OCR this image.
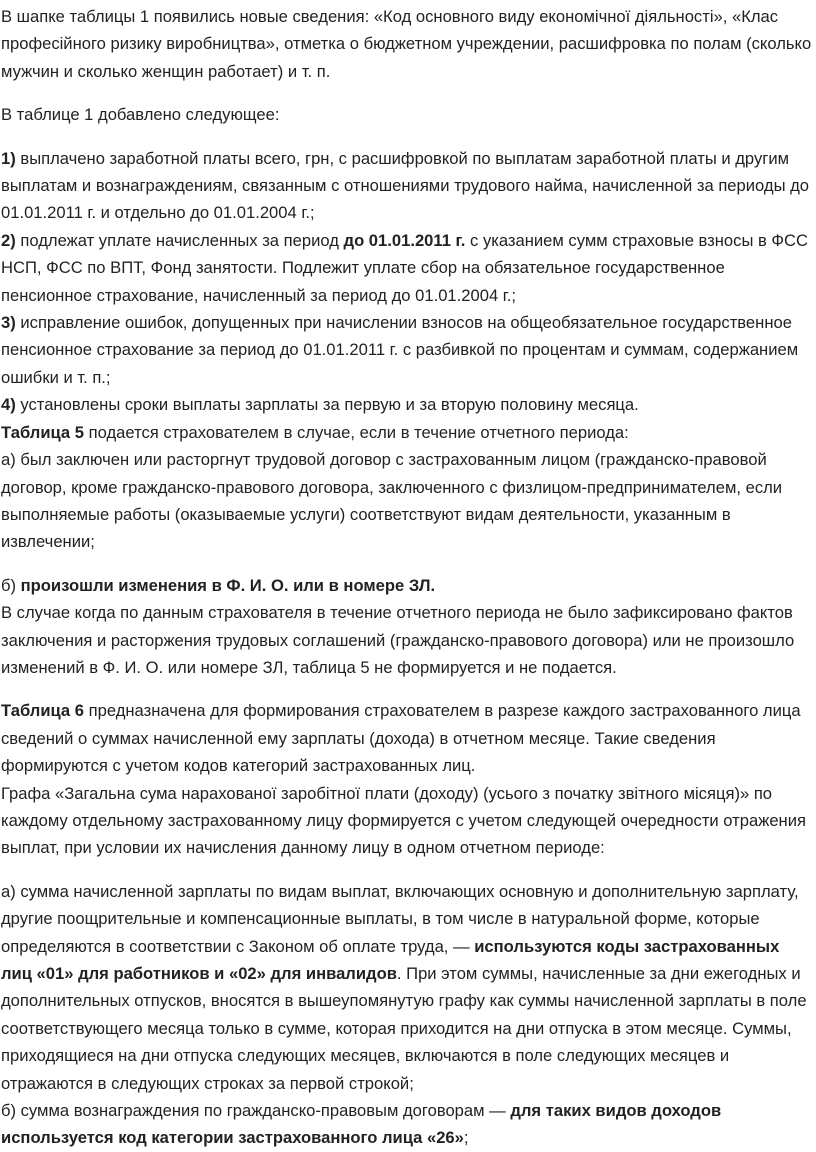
В шапке таблицы 1 появились новые сведения: «Код основного виду економічної діяльності», «Клас професійного ризику виробництва», отметка о бюджетном учреждении, расшифровка по полам (сколько мужчин и сколько женщин работает) и т. п.

В таблице 1 добавлено следующее:

1) выплачено заработной платы всего, грн, с расшифровкой по выплатам заработной платы и другим выплатам и вознаграждениям, связанным с отношениями трудового найма, начисленной за периоды до 01.01.2011 г. и отдельно до 01.01.2004 г.;

2) подлежат уплате начисленных за период до 01.01.2011 г. с указанием сумм страховые взносы в ФСС НСП, ФСС по ВПТ, Фонд занятости. Подлежит уплате сбор на обязательное государственное пенсионное страхование, начисленный за период до 01.01.2004 г.;

3) исправление ошибок, допущенных при начислении взносов на общеобязательное государственное пенсионное страхование за период до 01.01.2011 г. с разбивкой по процентам и суммам, содержанием ошибки и т. п.;

4) установлены сроки выплаты зарплаты за первую и за вторую половину месяца.

Таблица 5 подается страхователем в случае, если в течение отчетного периода:

а) был заключен или расторгнут трудовой договор с застрахованным лицом (гражданско-правовой договор, кроме гражданско-правового договора, заключенного с физлицом-предпринимателем, если выполняемые работы (оказываемые услуги) соответствуют видам деятельности, указанным в извлечении;

б) произошли изменения в Ф. И. О. или в номере ЗЛ.

В случае когда по данным страхователя в течение отчетного периода не было зафиксировано фактов заключения и расторжения трудовых соглашений (гражданско-правового договора) или не произошло изменений в Ф. И. О. или номере ЗЛ, таблица 5 не формируется и не подается.

Таблица 6 предназначена для формирования страхователем в разрезе каждого застрахованного лица сведений о суммах начисленной ему зарплаты (дохода) в отчетном месяце. Такие сведения формируются с учетом кодов категорий застрахованных лиц.

Графа «Загальна сума нарахованої заробітної плати (доходу) (усього з початку звітного місяця)» по каждому отдельному застрахованному лицу формируется с учетом следующей очередности отражения выплат, при условии их начисления данному лицу в одном отчетном периоде:

а) сумма начисленной зарплаты по видам выплат, включающих основную и дополнительную зарплату, другие поощрительные и компенсационные выплаты, в том числе в натуральной форме, которые определяются в соответствии с Законом об оплате труда, — используются коды застрахованных лиц «01» для работников и «02» для инвалидов. При этом суммы, начисленные за дни ежегодных и дополнительных отпусков, вносятся в вышеупомянутую графу как суммы начисленной зарплаты в поле соответствующего месяца только в сумме, которая приходится на дни отпуска в этом месяце. Суммы, приходящиеся на дни отпуска следующих месяцев, включаются в поле следующих месяцев и отражаются в следующих строках за первой строкой;

б) сумма вознаграждения по гражданско-правовым договорам — для таких видов доходов используется код категории застрахованного лица «26»;
